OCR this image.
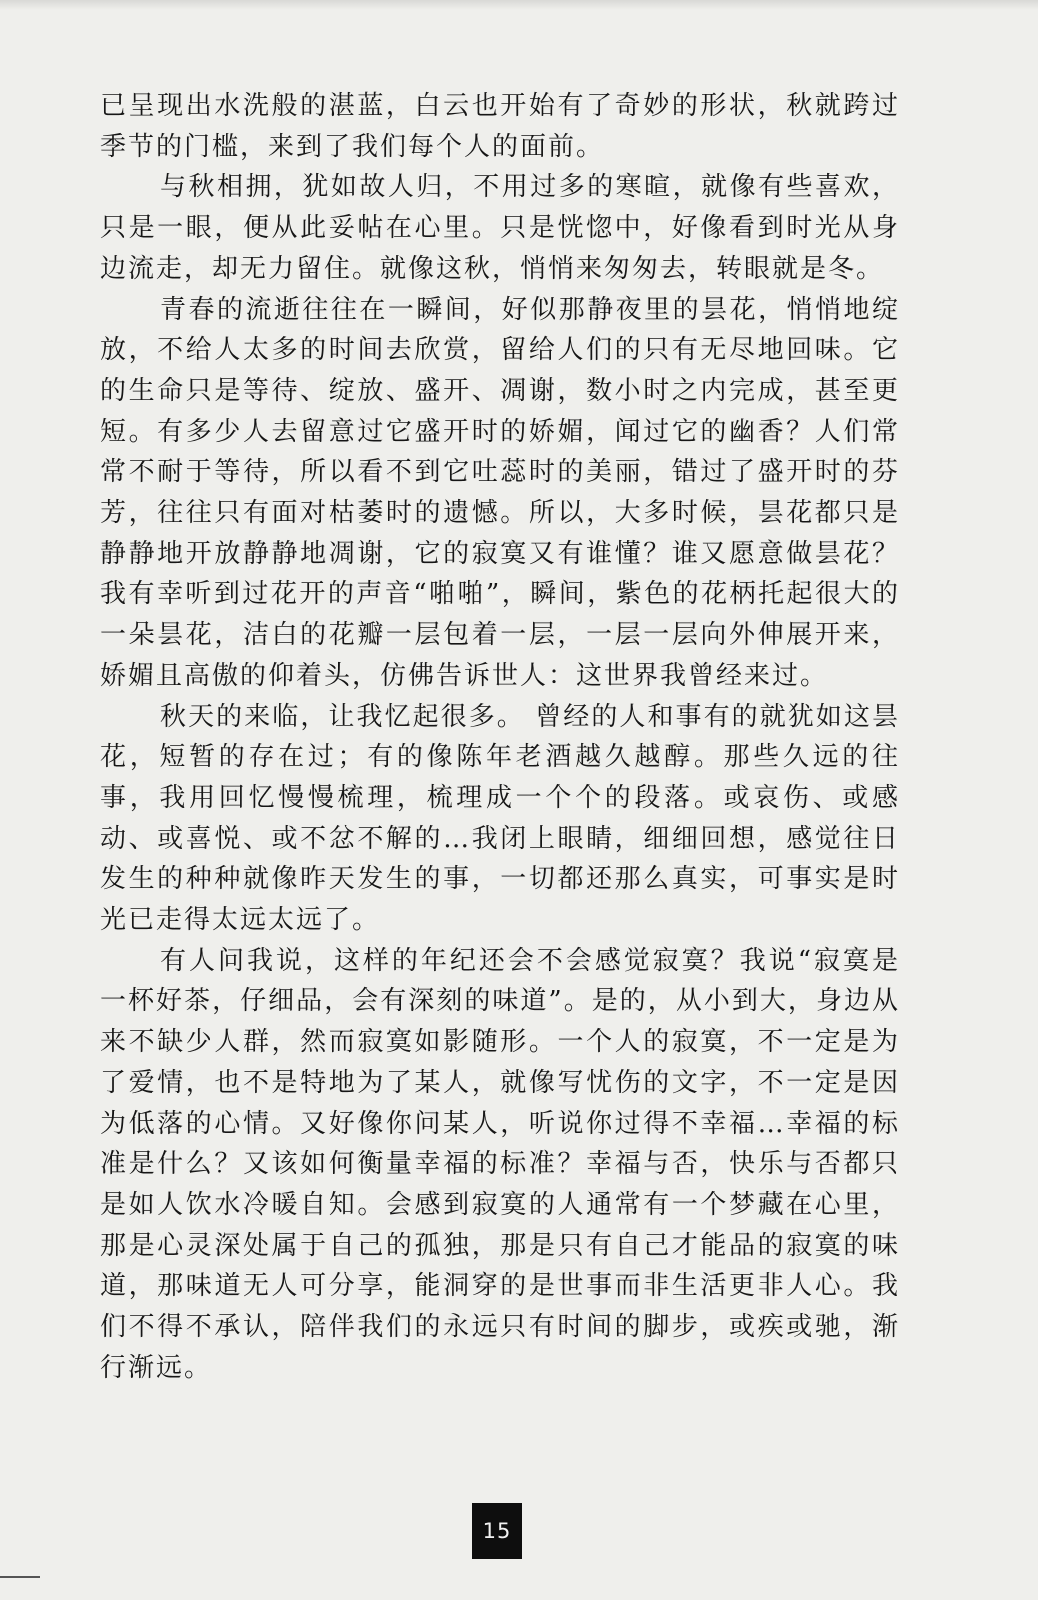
已呈现出水洗般的湛蓝，白云也开始有了奇妙的形状，秋就跨过季节的门槛，来到了我们每个人的面前。

与秋相拥，犹如故人归，不用过多的寒暄，就像有些喜欢，只是一眼，便从此妥帖在心里。只是恍惚中，好像看到时光从身边流走，却无力留住。就像这秋，悄悄来匆匆去，转眼就是冬。

青春的流逝往往在一瞬间，好似那静夜里的昙花，悄悄地绽放，不给人太多的时间去欣赏，留给人们的只有无尽地回味。它的生命只是等待、绽放、盛开、凋谢，数小时之内完成，甚至更短。有多少人去留意过它盛开时的娇媚，闻过它的幽香？人们常常不耐于等待，所以看不到它吐蕊时的美丽，错过了盛开时的芬芳，往往只有面对枯萎时的遗憾。所以，大多时候，昙花都只是静静地开放静静地凋谢，它的寂寞又有谁懂？谁又愿意做昙花？我有幸听到过花开的声音“啪啪”，瞬间，紫色的花柄托起很大的一朵昙花，洁白的花瓣一层包着一层，一层一层向外伸展开来，娇媚且高傲的仰着头，仿佛告诉世人：这世界我曾经来过。

秋天的来临，让我忆起很多。 曾经的人和事有的就犹如这昙花，短暂的存在过；有的像陈年老酒越久越醇。那些久远的往事，我用回忆慢慢梳理，梳理成一个个的段落。或哀伤、或感动、或喜悦、或不忿不解的…我闭上眼睛，细细回想，感觉往日发生的种种就像昨天发生的事，一切都还那么真实，可事实是时光已走得太远太远了。

有人问我说，这样的年纪还会不会感觉寂寞？我说“寂寞是一杯好茶，仔细品，会有深刻的味道”。是的，从小到大，身边从来不缺少人群，然而寂寞如影随形。一个人的寂寞，不一定是为了爱情，也不是特地为了某人，就像写忧伤的文字，不一定是因为低落的心情。又好像你问某人，听说你过得不幸福…幸福的标准是什么？又该如何衡量幸福的标准？幸福与否，快乐与否都只是如人饮水冷暖自知。会感到寂寞的人通常有一个梦藏在心里，那是心灵深处属于自己的孤独，那是只有自己才能品的寂寞的味道，那味道无人可分享，能洞穿的是世事而非生活更非人心。我们不得不承认，陪伴我们的永远只有时间的脚步，或疾或驰，渐行渐远。

15
